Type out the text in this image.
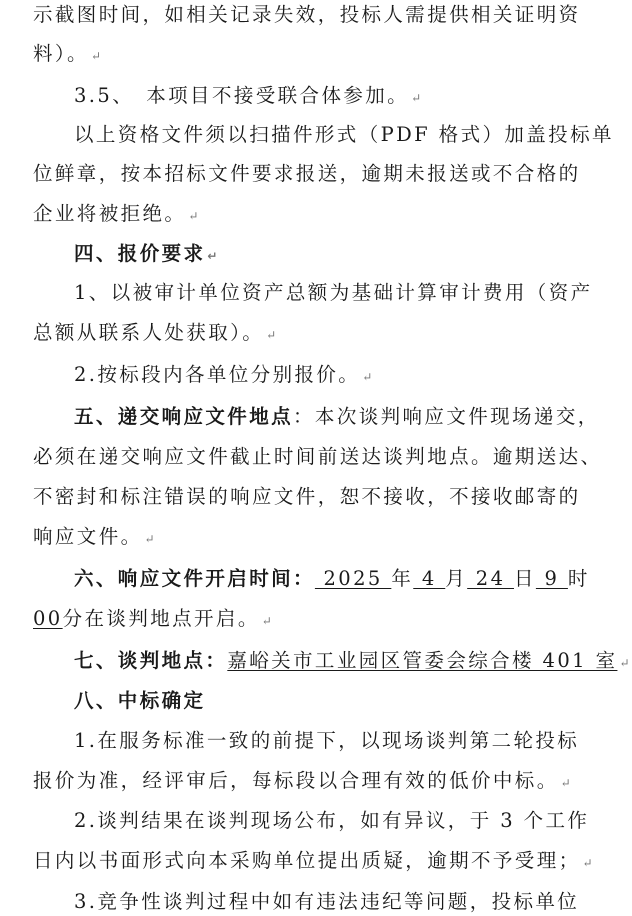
示截图时间，如相关记录失效，投标人需提供相关证明资
料）。 ↵
3.5、　本项目不接受联合体参加。 ↵
以上资格文件须以扫描件形式（PDF 格式）加盖投标单
位鲜章，按本招标文件要求报送，逾期未报送或不合格的
企业将被拒绝。 ↵
四、报价要求 ↵
1、以被审计单位资产总额为基础计算审计费用（资产
总额从联系人处获取）。 ↵
2.按标段内各单位分别报价。 ↵
五、递交响应文件地点：本次谈判响应文件现场递交，
必须在递交响应文件截止时间前送达谈判地点。逾期送达、
不密封和标注错误的响应文件，恕不接收，不接收邮寄的
响应文件。 ↵
六、响应文件开启时间： 2025 年 4 月 24 日 9 时
00分在谈判地点开启。 ↵
七、谈判地点：嘉峪关市工业园区管委会综合楼 401 室 ↵
八、中标确定
1.在服务标准一致的前提下，以现场谈判第二轮投标
报价为准，经评审后，每标段以合理有效的低价中标。 ↵
2.谈判结果在谈判现场公布，如有异议，于 3 个工作
日内以书面形式向本采购单位提出质疑，逾期不予受理； ↵
3.竞争性谈判过程中如有违法违纪等问题，投标单位
